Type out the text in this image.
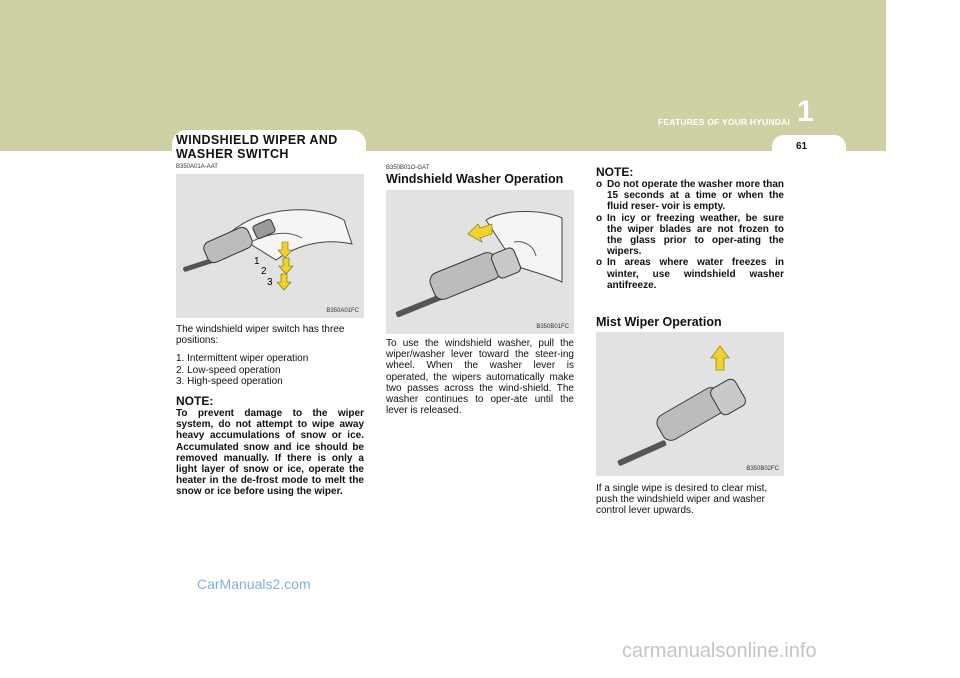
FEATURES OF YOUR HYUNDAI 1
61
WINDSHIELD WIPER AND
WASHER SWITCH
B350A01A-AAT
1
2
3
B350A01FC
The windshield wiper switch has three positions:
1. Intermittent wiper operation
2. Low-speed operation
3. High-speed operation
NOTE:
To prevent damage to the wiper system, do not attempt to wipe away heavy accumulations of snow or ice. Accumulated snow and ice should be removed manually. If there is only a light layer of snow or ice, operate the heater in the de-frost mode to melt the snow or ice before using the wiper.
B350B01O-GAT
Windshield Washer Operation
B350B01FC
To use the windshield washer, pull the wiper/washer lever toward the steer-ing wheel. When the washer lever is operated, the wipers automatically make two passes across the wind-shield. The washer continues to oper-ate until the lever is released.
NOTE:
o Do not operate the washer more than 15 seconds at a time or when the fluid reser- voir is empty.
o In icy or freezing weather, be sure the wiper blades are not frozen to the glass prior to oper-ating the wipers.
o In areas where water freezes in winter, use windshield washer antifreeze.
Mist Wiper Operation
B350B02FC
If a single wipe is desired to clear mist, push the windshield wiper and washer control lever upwards.
CarManuals2.com
carmanualsonline.info
